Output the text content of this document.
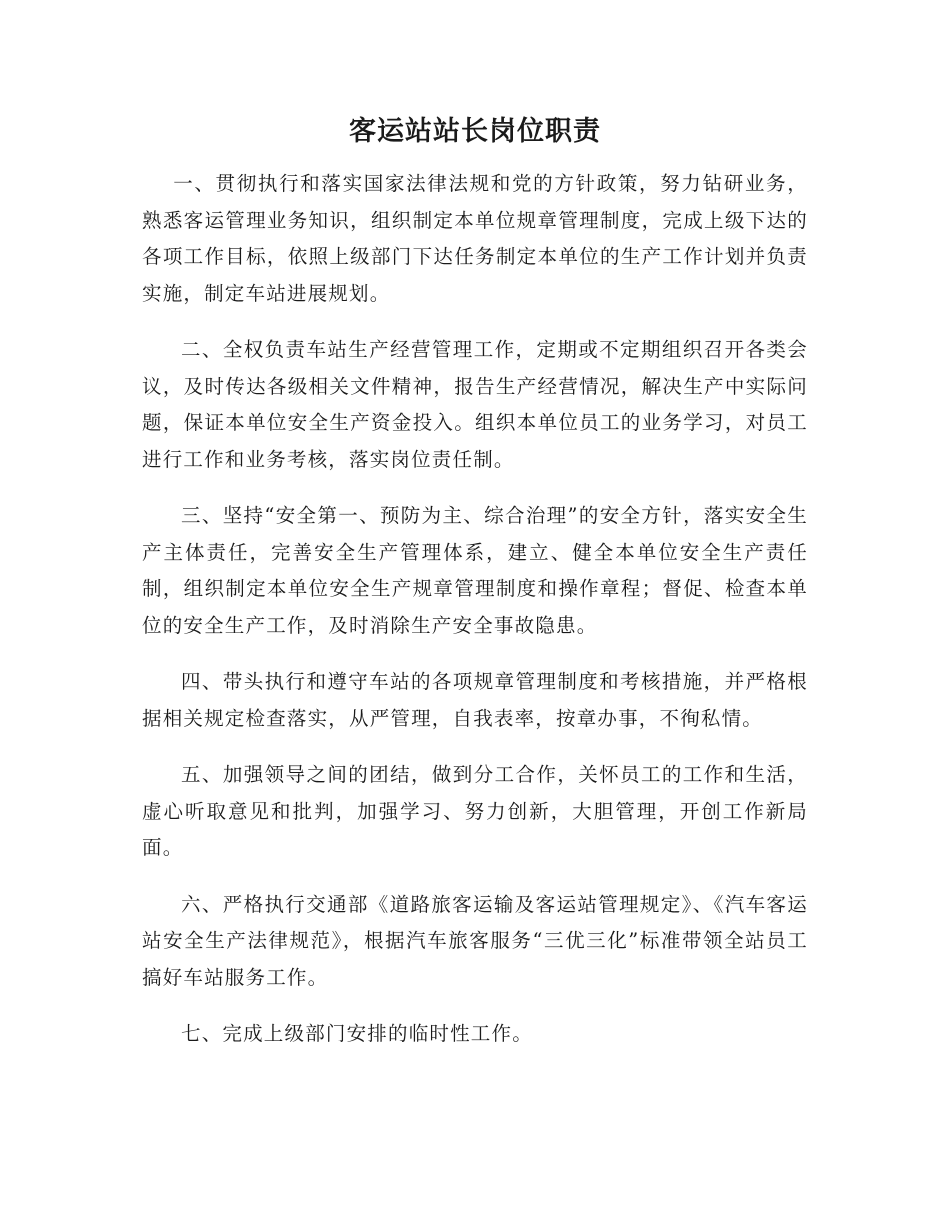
客运站站长岗位职责

一、贯彻执行和落实国家法律法规和党的方针政策，努力钻研业务，熟悉客运管理业务知识，组织制定本单位规章管理制度，完成上级下达的各项工作目标，依照上级部门下达任务制定本单位的生产工作计划并负责实施，制定车站进展规划。

二、全权负责车站生产经营管理工作，定期或不定期组织召开各类会议，及时传达各级相关文件精神，报告生产经营情况，解决生产中实际问题，保证本单位安全生产资金投入。组织本单位员工的业务学习，对员工进行工作和业务考核，落实岗位责任制。

三、坚持“安全第一、预防为主、综合治理”的安全方针，落实安全生产主体责任，完善安全生产管理体系，建立、健全本单位安全生产责任制，组织制定本单位安全生产规章管理制度和操作章程；督促、检查本单位的安全生产工作，及时消除生产安全事故隐患。

四、带头执行和遵守车站的各项规章管理制度和考核措施，并严格根据相关规定检查落实，从严管理，自我表率，按章办事，不徇私情。

五、加强领导之间的团结，做到分工合作，关怀员工的工作和生活，虚心听取意见和批判，加强学习、努力创新，大胆管理，开创工作新局面。

六、严格执行交通部《道路旅客运输及客运站管理规定》、《汽车客运站安全生产法律规范》，根据汽车旅客服务“三优三化”标准带领全站员工搞好车站服务工作。

七、完成上级部门安排的临时性工作。
